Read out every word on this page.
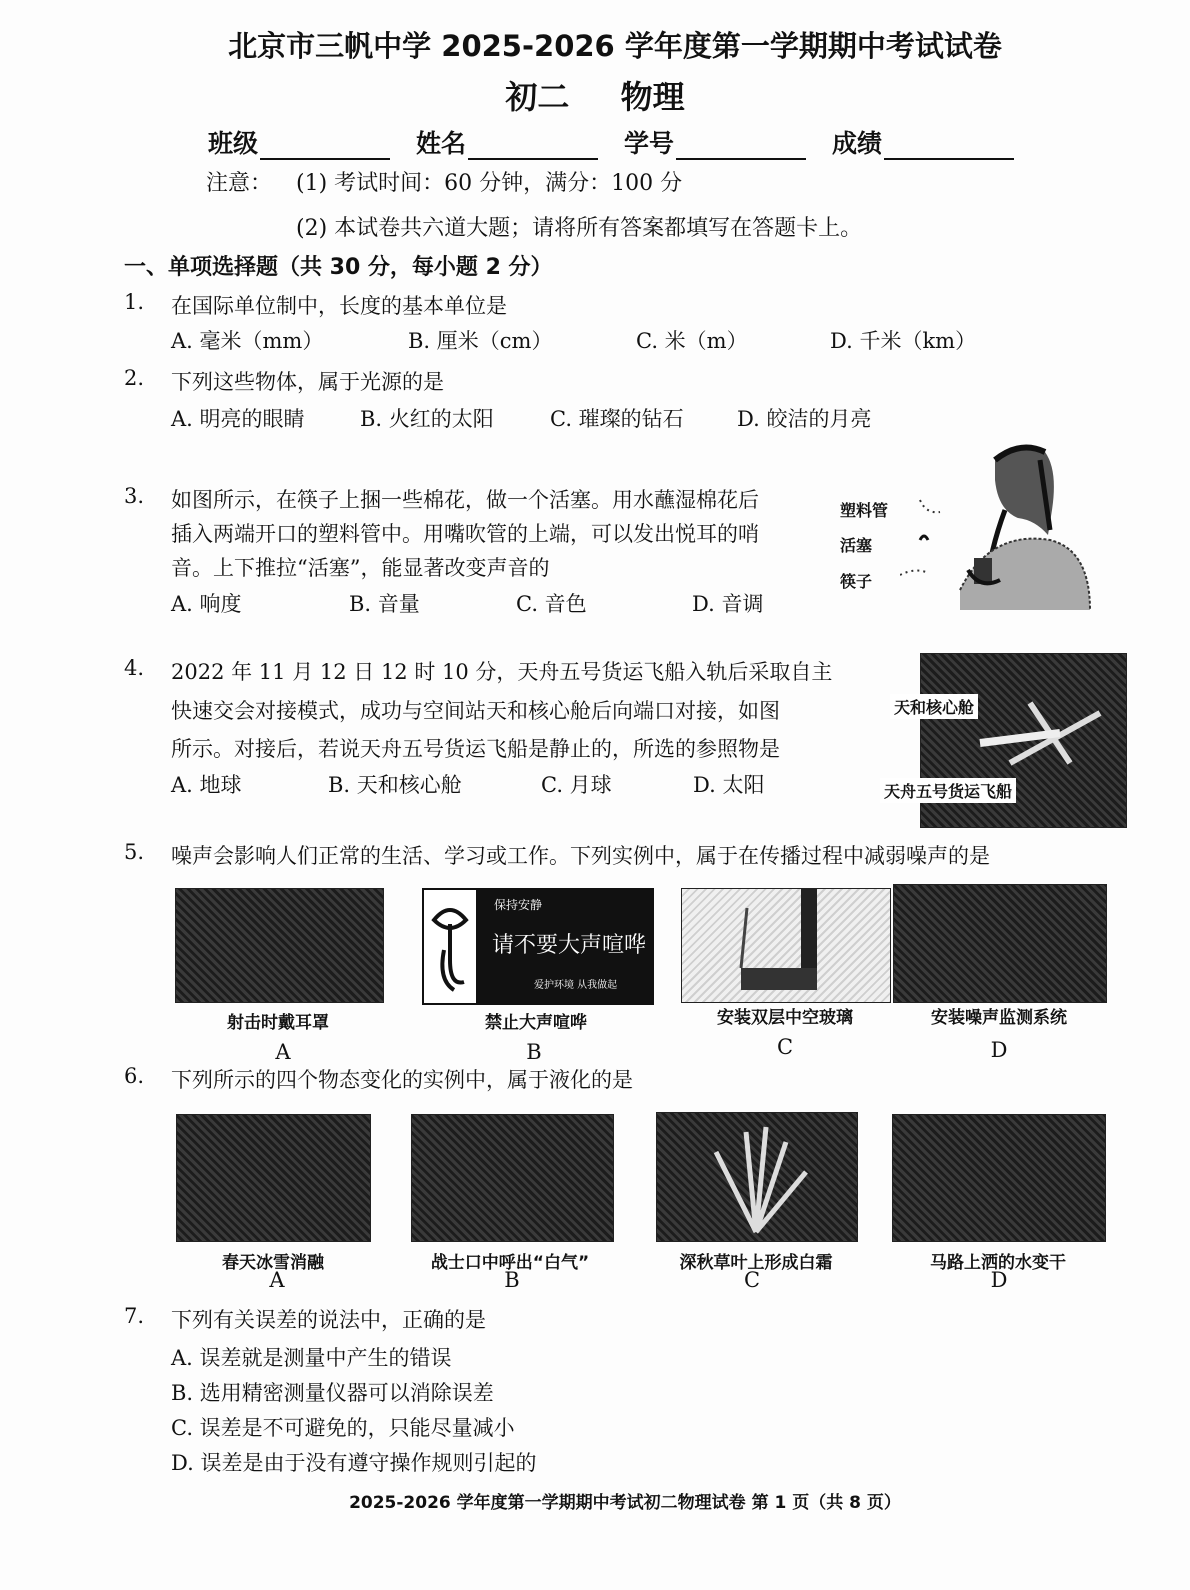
北京市三帆中学 2025-2026 学年度第一学期期中考试试卷
初二 物理
班级	姓名	学号	成绩
注意： (1) 考试时间：60 分钟，满分：100 分
(2) 本试卷共六道大题；请将所有答案都填写在答题卡上。
一、单项选择题（共 30 分，每小题 2 分）
1. 在国际单位制中，长度的基本单位是
A. 毫米（mm）	B. 厘米（cm）	C. 米（m）	D. 千米（km）
2. 下列这些物体，属于光源的是
A. 明亮的眼睛	B. 火红的太阳	C. 璀璨的钻石	D. 皎洁的月亮
3. 如图所示，在筷子上捆一些棉花，做一个活塞。用水蘸湿棉花后
插入两端开口的塑料管中。用嘴吹管的上端，可以发出悦耳的哨
音。上下推拉“活塞”，能显著改变声音的
A. 响度	B. 音量	C. 音色	D. 音调
塑料管
活塞
筷子
4. 2022 年 11 月 12 日 12 时 10 分，天舟五号货运飞船入轨后采取自主
快速交会对接模式，成功与空间站天和核心舱后向端口对接，如图
所示。对接后，若说天舟五号货运飞船是静止的，所选的参照物是
A. 地球	B. 天和核心舱	C. 月球	D. 太阳
天和核心舱
天舟五号货运飞船
5. 噪声会影响人们正常的生活、学习或工作。下列实例中，属于在传播过程中减弱噪声的是
射击时戴耳罩
A
保持安静
请不要大声喧哗
爱护环境 从我做起
禁止大声喧哗
B
安装双层中空玻璃
C
安装噪声监测系统
D
6. 下列所示的四个物态变化的实例中，属于液化的是
春天冰雪消融
A
战士口中呼出“白气”
B
深秋草叶上形成白霜
C
马路上洒的水变干
D
7. 下列有关误差的说法中，正确的是
A. 误差就是测量中产生的错误
B. 选用精密测量仪器可以消除误差
C. 误差是不可避免的，只能尽量减小
D. 误差是由于没有遵守操作规则引起的
2025-2026 学年度第一学期期中考试初二物理试卷 第 1 页（共 8 页）
